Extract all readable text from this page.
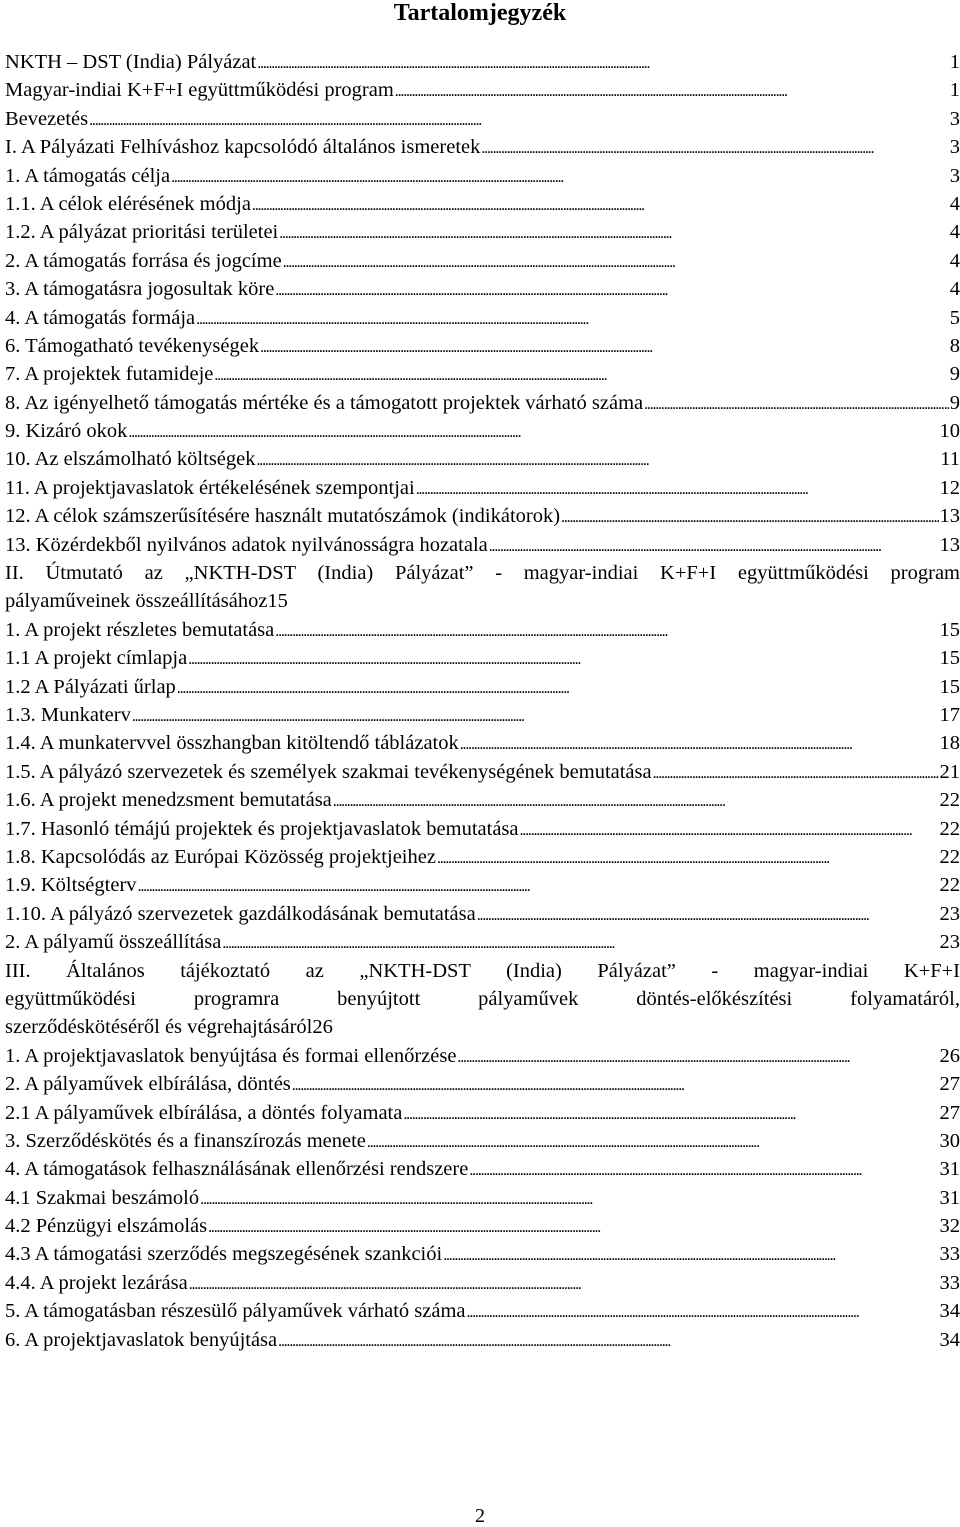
Tartalomjegyzék
NKTH – DST (India) Pályázat . . .	1
Magyar-indiai K+F+I együttműködési program . . .	1
Bevezetés . . .	3
I. A Pályázati Felhíváshoz kapcsolódó általános ismeretek . . .	3
1. A támogatás célja . . .	3
1.1. A célok elérésének módja . . .	4
1.2. A pályázat prioritási területei . . .	4
2. A támogatás forrása és jogcíme . . .	4
3. A támogatásra jogosultak köre . . .	4
4. A támogatás formája . . .	5
6. Támogatható tevékenységek . . .	8
7. A projektek futamideje . . .	9
8. Az igényelhető támogatás mértéke és a támogatott projektek várható száma . . .	9
9. Kizáró okok . . .	10
10. Az elszámolható költségek . . .	11
11. A projektjavaslatok értékelésének szempontjai . . .	12
12. A célok számszerűsítésére használt mutatószámok (indikátorok) . . .	13
13. Közérdekből nyilvános adatok nyilvánosságra hozatala . . .	13
II. Útmutató az „NKTH-DST (India) Pályázat” - magyar-indiai K+F+I együttműködési program
pályaműveinek összeállításához 15
1. A projekt részletes bemutatása . . .	15
1.1 A projekt címlapja . . .	15
1.2 A Pályázati űrlap . . .	15
1.3. Munkaterv . . .	17
1.4. A munkatervvel összhangban kitöltendő táblázatok . . .	18
1.5. A pályázó szervezetek és személyek szakmai tevékenységének bemutatása . . .	21
1.6. A projekt menedzsment bemutatása . . .	22
1.7. Hasonló témájú projektek és projektjavaslatok bemutatása . . .	22
1.8. Kapcsolódás az Európai Közösség projektjeihez . . .	22
1.9. Költségterv . . .	22
1.10. A pályázó szervezetek gazdálkodásának bemutatása . . .	23
2. A pályamű összeállítása . . .	23
III. Általános tájékoztató az „NKTH-DST (India) Pályázat” - magyar-indiai K+F+I
együttműködési programra benyújtott pályaművek döntés-előkészítési folyamatáról,
szerződéskötéséről és végrehajtásáról 26
1. A projektjavaslatok benyújtása és formai ellenőrzése . . .	26
2. A pályaművek elbírálása, döntés . . .	27
2.1 A pályaművek elbírálása, a döntés folyamata . . .	27
3. Szerződéskötés és a finanszírozás menete . . .	30
4. A támogatások felhasználásának ellenőrzési rendszere . . .	31
4.1 Szakmai beszámoló . . .	31
4.2 Pénzügyi elszámolás . . .	32
4.3 A támogatási szerződés megszegésének szankciói . . .	33
4.4. A projekt lezárása . . .	33
5. A támogatásban részesülő pályaművek várható száma . . .	34
6. A projektjavaslatok benyújtása . . .	34
2
